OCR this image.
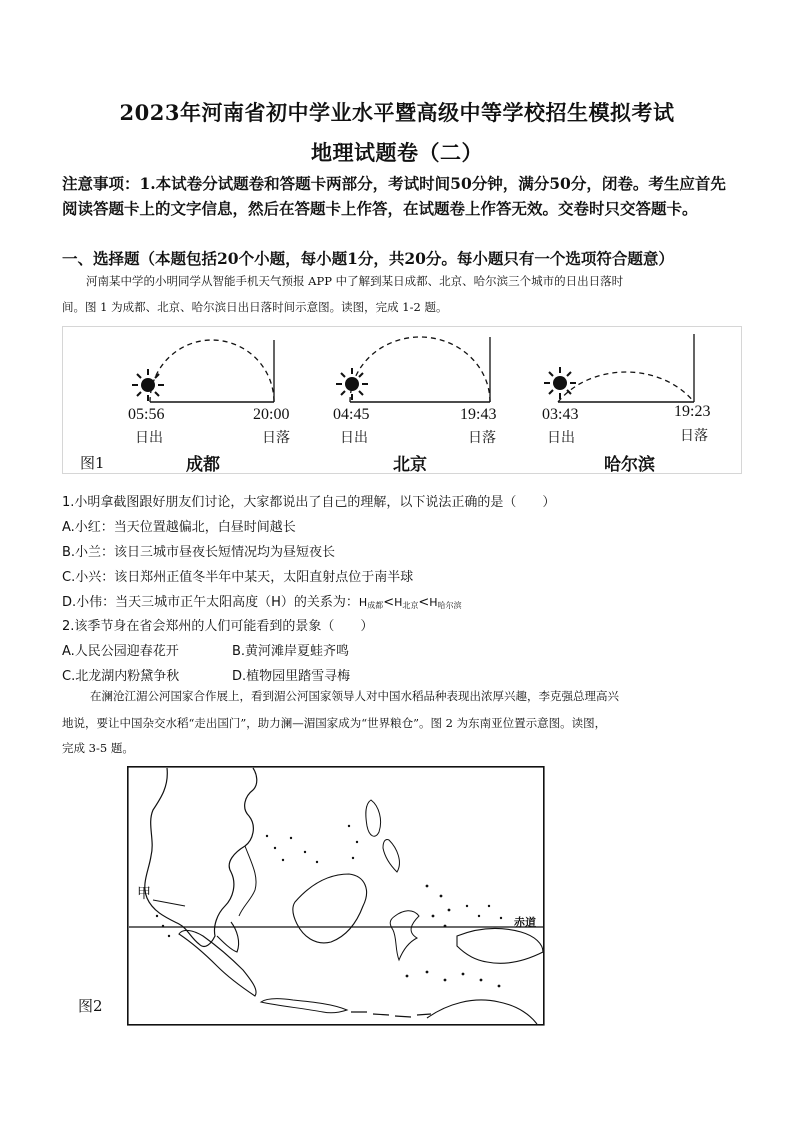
2023年河南省初中学业水平暨高级中等学校招生模拟考试
地理试题卷（二）
注意事项：1.本试卷分试题卷和答题卡两部分，考试时间50分钟，满分50分，闭卷。考生应首先阅读答题卡上的文字信息，然后在答题卡上作答，在试题卷上作答无效。交卷时只交答题卡。
一、选择题（本题包括20个小题，每小题1分，共20分。每小题只有一个选项符合题意）
河南某中学的小明同学从智能手机天气预报 APP 中了解到某日成都、北京、哈尔滨三个城市的日出日落时
间。图 1 为成都、北京、哈尔滨日出日落时间示意图。读图，完成 1-2 题。
05:56	20:00
日出	日落
成都
04:45	19:43
日出	日落
北京
03:43	19:23
日出	日落
哈尔滨
图1
1.小明拿截图跟好朋友们讨论，大家都说出了自己的理解，以下说法正确的是（　　）
A.小红：当天位置越偏北，白昼时间越长
B.小兰：该日三城市昼夜长短情况均为昼短夜长
C.小兴：该日郑州正值冬半年中某天，太阳直射点位于南半球
D.小伟：当天三城市正午太阳高度（H）的关系为：$H_{成都}<H_{北京}<H_{哈尔滨}$
2.该季节身在省会郑州的人们可能看到的景象（　　）
A.人民公园迎春花开	B.黄河滩岸夏蛙齐鸣
C.北龙湖内粉黛争秋	D.植物园里踏雪寻梅
在澜沧江湄公河国家合作展上，看到湄公河国家领导人对中国水稻品种表现出浓厚兴趣，李克强总理高兴
地说，要让中国杂交水稻“走出国门”，助力澜—湄国家成为“世界粮仓”。图 2 为东南亚位置示意图。读图，
完成 3-5 题。
甲
赤道
图2
